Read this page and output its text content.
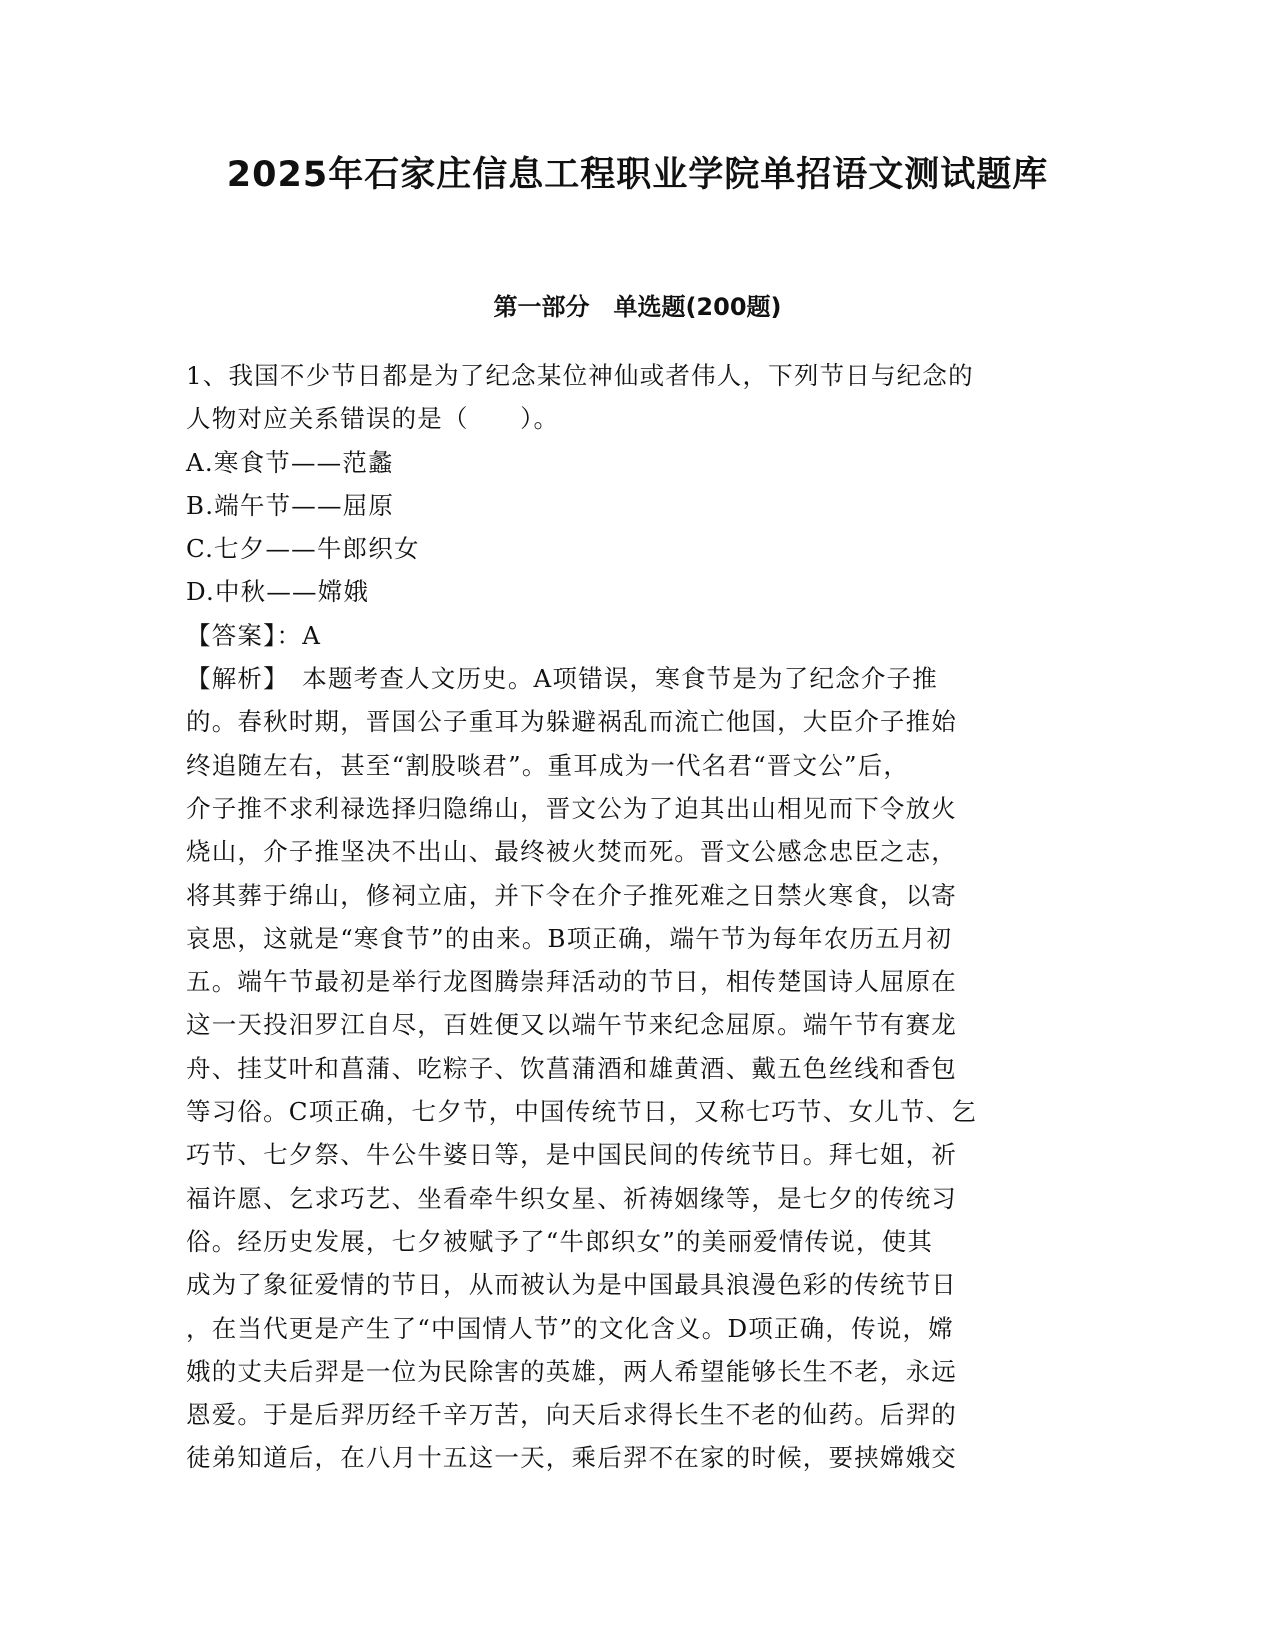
2025年石家庄信息工程职业学院单招语文测试题库
第一部分　单选题(200题)
1、我国不少节日都是为了纪念某位神仙或者伟人，下列节日与纪念的
人物对应关系错误的是（　　）。
A.寒食节——范蠡
B.端午节——屈原
C.七夕——牛郎织女
D.中秋——嫦娥
【答案】：A
【解析】　本题考查人文历史。A项错误，寒食节是为了纪念介子推
的。春秋时期，晋国公子重耳为躲避祸乱而流亡他国，大臣介子推始
终追随左右，甚至“割股啖君”。重耳成为一代名君“晋文公”后，
介子推不求利禄选择归隐绵山，晋文公为了迫其出山相见而下令放火
烧山，介子推坚决不出山、最终被火焚而死。晋文公感念忠臣之志，
将其葬于绵山，修祠立庙，并下令在介子推死难之日禁火寒食，以寄
哀思，这就是“寒食节”的由来。B项正确，端午节为每年农历五月初
五。端午节最初是举行龙图腾崇拜活动的节日，相传楚国诗人屈原在
这一天投汨罗江自尽，百姓便又以端午节来纪念屈原。端午节有赛龙
舟、挂艾叶和菖蒲、吃粽子、饮菖蒲酒和雄黄酒、戴五色丝线和香包
等习俗。C项正确，七夕节，中国传统节日，又称七巧节、女儿节、乞
巧节、七夕祭、牛公牛婆日等，是中国民间的传统节日。拜七姐，祈
福许愿、乞求巧艺、坐看牵牛织女星、祈祷姻缘等，是七夕的传统习
俗。经历史发展，七夕被赋予了“牛郎织女”的美丽爱情传说，使其
成为了象征爱情的节日，从而被认为是中国最具浪漫色彩的传统节日
，在当代更是产生了“中国情人节”的文化含义。D项正确，传说，嫦
娥的丈夫后羿是一位为民除害的英雄，两人希望能够长生不老，永远
恩爱。于是后羿历经千辛万苦，向天后求得长生不老的仙药。后羿的
徒弟知道后，在八月十五这一天，乘后羿不在家的时候，要挟嫦娥交
